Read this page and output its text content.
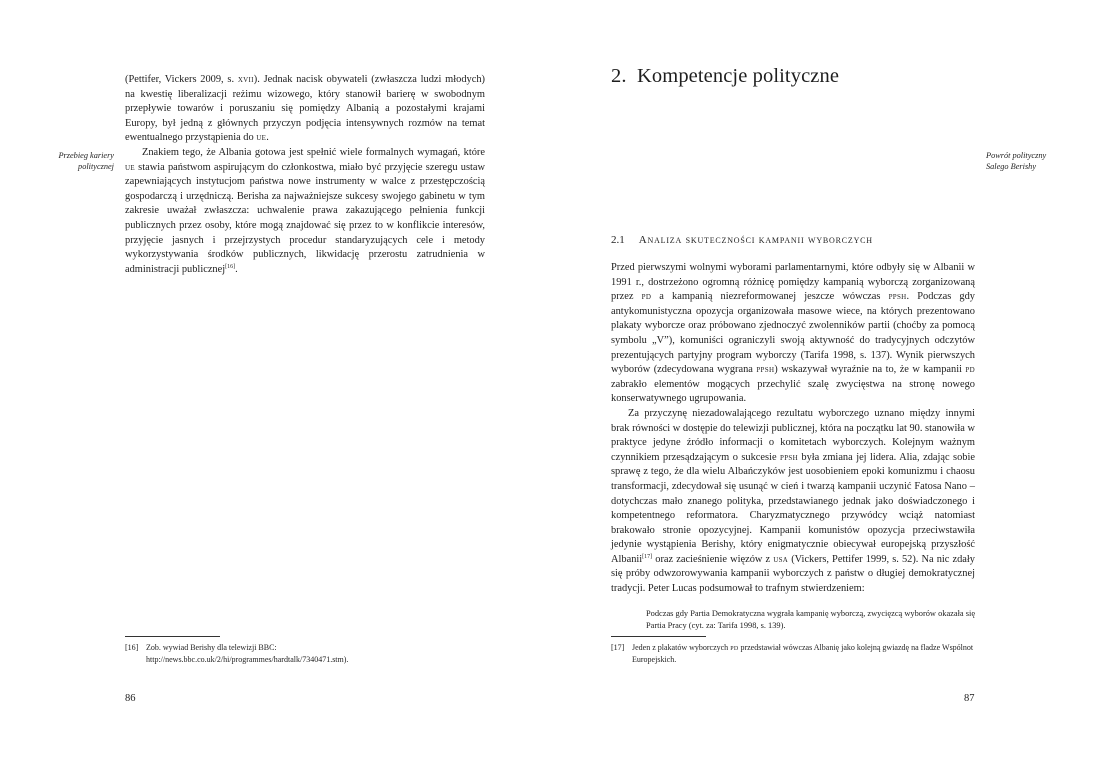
(Pettifer, Vickers 2009, s. xvii). Jednak nacisk obywateli (zwłaszcza ludzi młodych) na kwestię liberalizacji reżimu wizowego, który stanowił barierę w swobodnym przepływie towarów i poruszaniu się pomiędzy Albanią a pozostałymi krajami Europy, był jedną z głównych przyczyn podjęcia intensywnych rozmów na temat ewentualnego przystąpienia do ue.

Znakiem tego, że Albania gotowa jest spełnić wiele formalnych wymagań, które ue stawia państwom aspirującym do członkostwa, miało być przyjęcie szeregu ustaw zapewniających instytucjom państwa nowe instrumenty w walce z przestępczością gospodarczą i urzędniczą. Berisha za najważniejsze sukcesy swojego gabinetu w tym zakresie uważał zwłaszcza: uchwalenie prawa zakazującego pełnienia funkcji publicznych przez osoby, które mogą znajdować się przez to w konflikcie interesów, przyjęcie jasnych i przejrzystych procedur standaryzujących cele i metody wykorzystywania środków publicznych, likwidację przerostu zatrudnienia w administracji publicznej[16].

Przebieg kariery politycznej
[16] Zob. wywiad Berishy dla telewizji BBC:
http://news.bbc.co.uk/2/hi/programmes/hardtalk/7340471.stm).
86
2.  Kompetencje polityczne
Powrót polityczny Salego Berishy
2.1 Analiza skuteczności kampanii wyborczych

Przed pierwszymi wolnymi wyborami parlamentarnymi, które odbyły się w Albanii w 1991 r., dostrzeżono ogromną różnicę pomiędzy kampanią wyborczą zorganizowaną przez pd a kampanią niezreformowanej jeszcze wówczas ppsh. Podczas gdy antykomunistyczna opozycja organizowała masowe wiece, na których prezentowano plakaty wyborcze oraz próbowano zjednoczyć zwolenników partii (choćby za pomocą symbolu „V”), komuniści ograniczyli swoją aktywność do tradycyjnych odczytów prezentujących partyjny program wyborczy (Tarifa 1998, s. 137). Wynik pierwszych wyborów (zdecydowana wygrana ppsh) wskazywał wyraźnie na to, że w kampanii pd zabrakło elementów mogących przechylić szalę zwycięstwa na stronę nowego konserwatywnego ugrupowania.

Za przyczynę niezadowalającego rezultatu wyborczego uznano między innymi brak równości w dostępie do telewizji publicznej, która na początku lat 90. stanowiła w praktyce jedyne źródło informacji o komitetach wyborczych. Kolejnym ważnym czynnikiem przesądzającym o sukcesie ppsh była zmiana jej lidera. Alia, zdając sobie sprawę z tego, że dla wielu Albańczyków jest uosobieniem epoki komunizmu i chaosu transformacji, zdecydował się usunąć w cień i twarzą kampanii uczynić Fatosa Nano – dotychczas mało znanego polityka, przedstawianego jednak jako doświadczonego i kompetentnego reformatora. Charyzmatycznego przywódcy wciąż natomiast brakowało stronie opozycyjnej. Kampanii komunistów opozycja przeciwstawiła jedynie wystąpienia Berishy, który enigmatycznie obiecywał europejską przyszłość Albanii[17] oraz zacieśnienie więzów z usa (Vickers, Pettifer 1999, s. 52). Na nic zdały się próby odwzorowywania kampanii wyborczych z państw o długiej demokratycznej tradycji. Peter Lucas podsumował to trafnym stwierdzeniem:

Podczas gdy Partia Demokratyczna wygrała kampanię wyborczą, zwycięzcą wyborów okazała się Partia Pracy (cyt. za: Tarifa 1998, s. 139).

[17] Jeden z plakatów wyborczych pd przedstawiał wówczas Albanię jako kolejną gwiazdę na fladze Wspólnot Europejskich.
87
